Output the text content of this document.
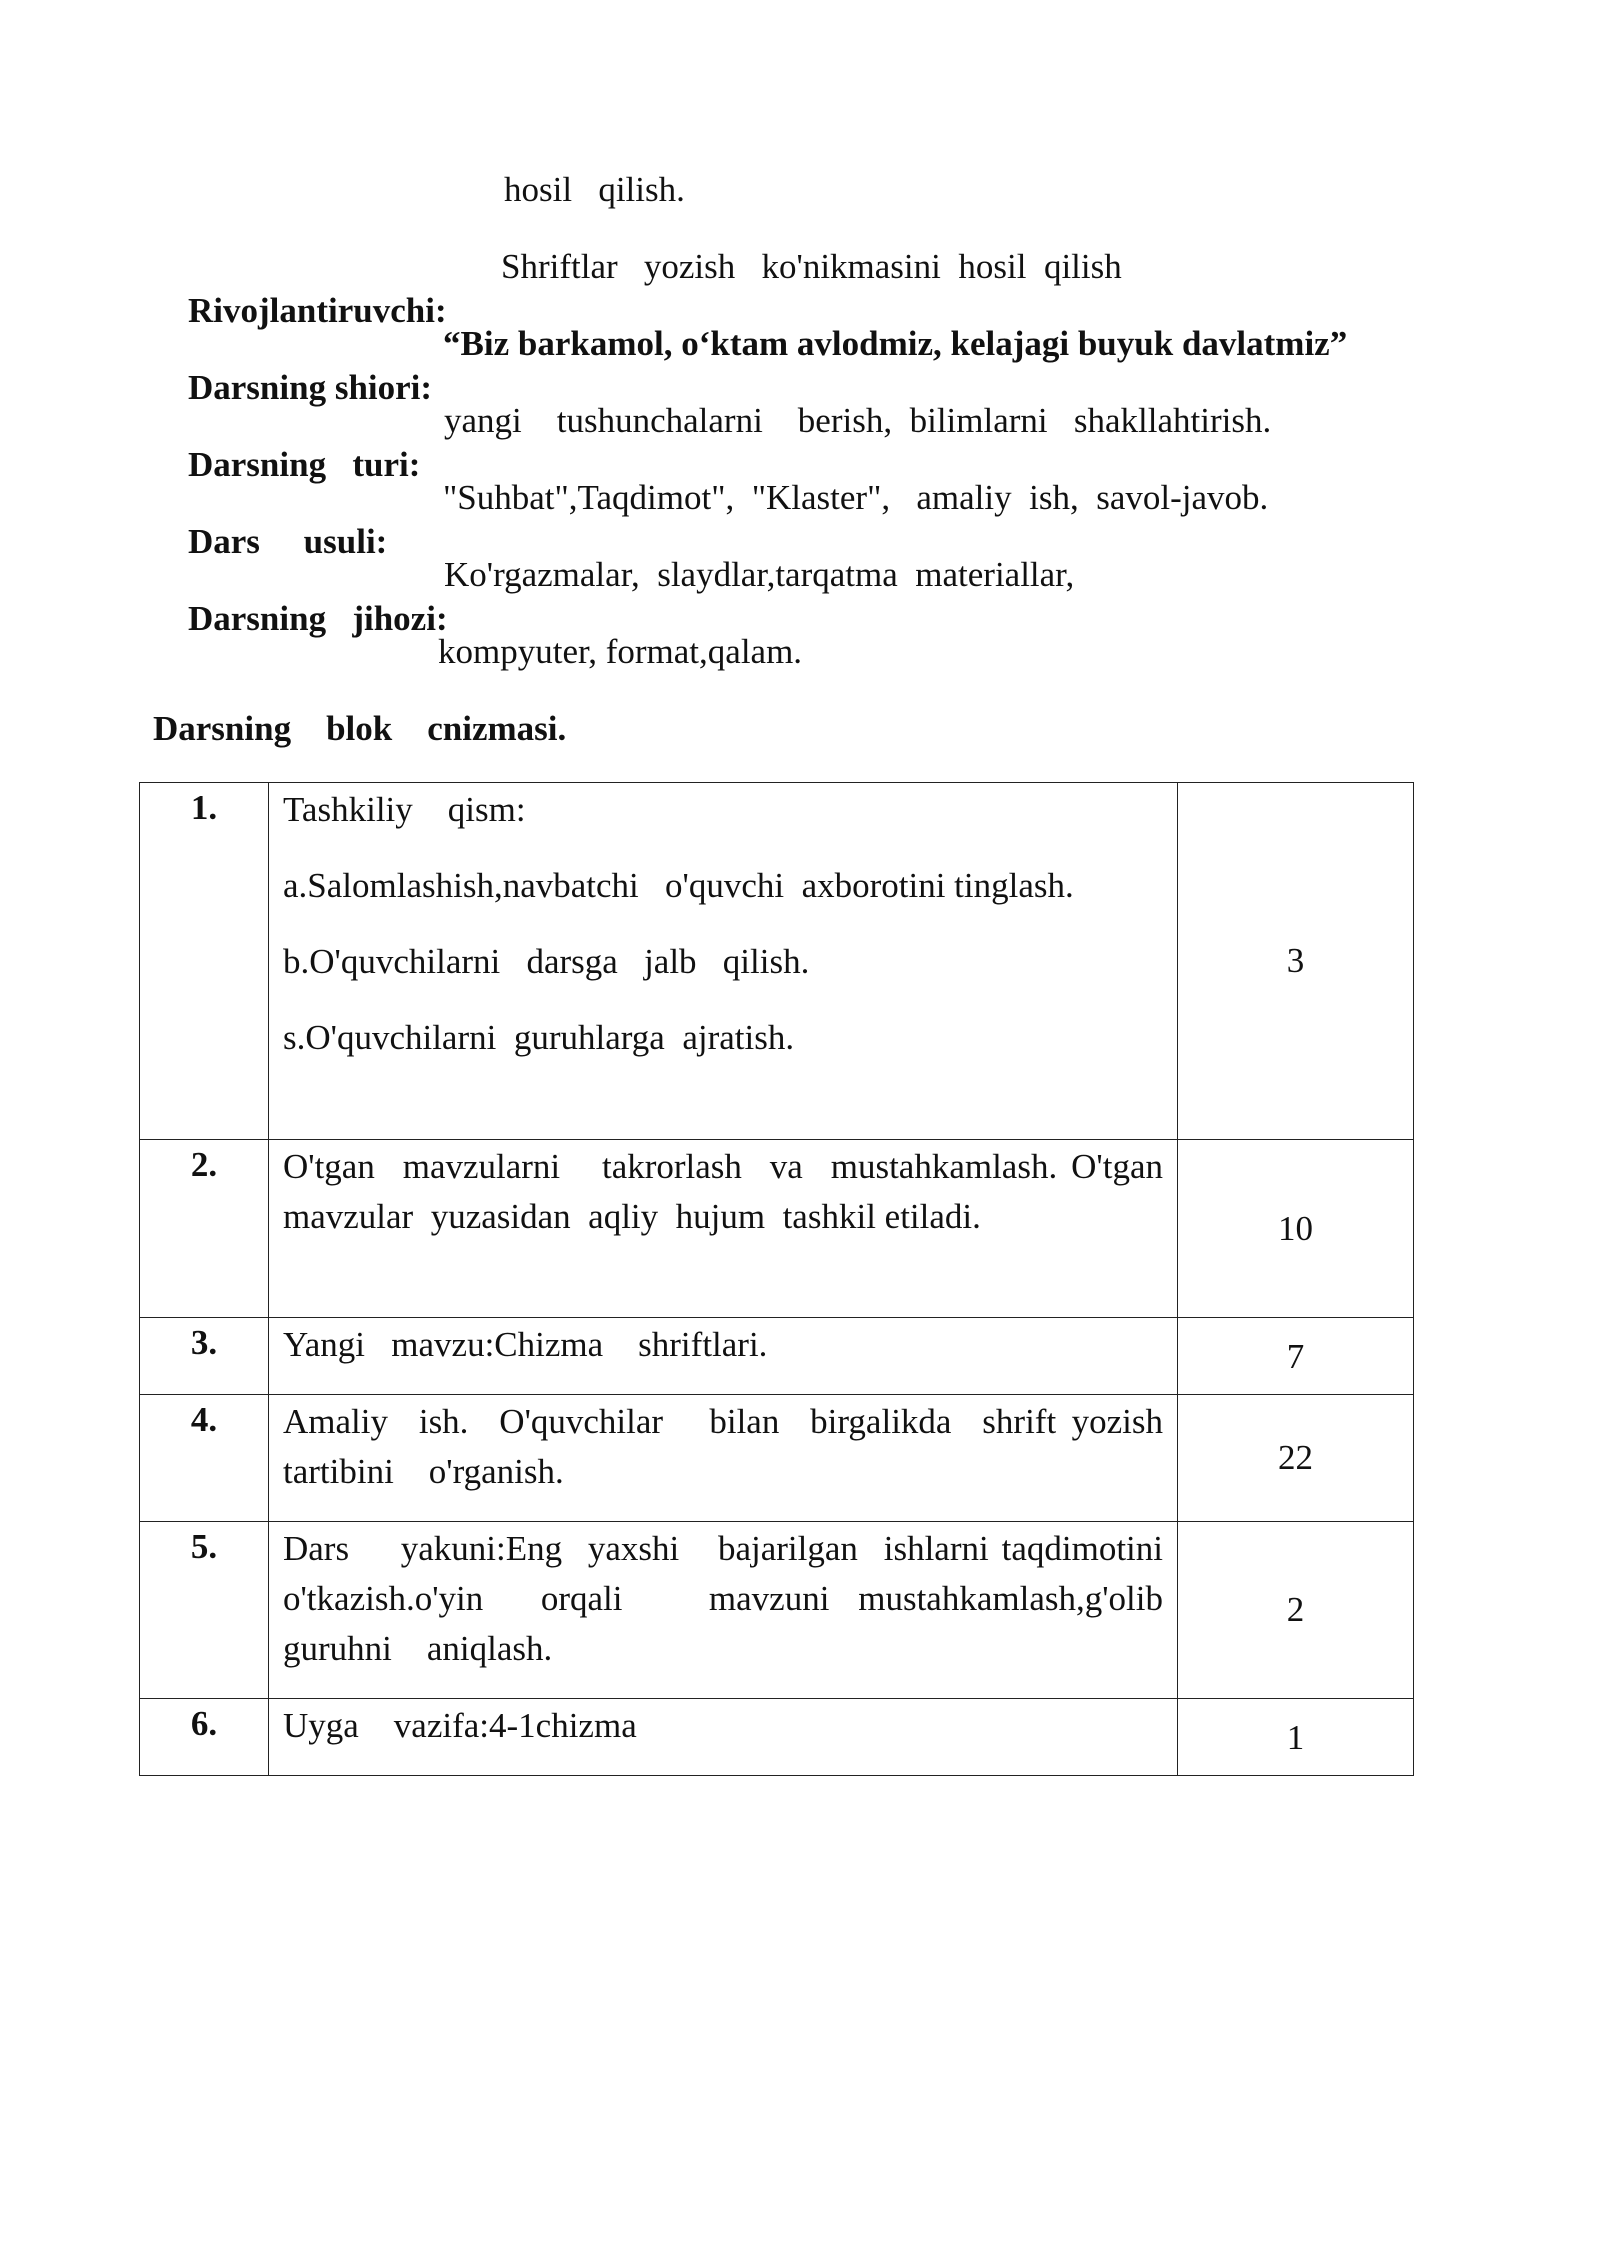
hosil   qilish.

Rivojlantiruvchi:

Shriftlar   yozish   ko'nikmasini  hosil  qilish

Darsning shiori:

“Biz barkamol, o‘ktam avlodmiz, kelajagi buyuk davlatmiz”

Darsning   turi:

yangi    tushunchalarni    berish,  bilimlarni   shakllahtirish.

Dars     usuli:

"Suhbat",Taqdimot",  "Klaster",   amaliy  ish,  savol-javob.

Darsning   jihozi:

Ko'rgazmalar,  slaydlar,tarqatma  materiallar,

kompyuter, format,qalam.
Darsning    blok    cnizmasi.
1.	Tashkiliy    qism:

a.Salomlashish,navbatchi   o'quvchi  axborotini tinglash.

b.O'quvchilarni   darsga   jalb   qilish.

s.O'quvchilarni  guruhlarga  ajratish.	3
2.	O'tgan  mavzularni   takrorlash  va  mustahkamlash. O'tgan  mavzular  yuzasidan  aqliy  hujum  tashkil etiladi.	10
3.	Yangi   mavzu:Chizma    shriftlari.	7
4.	Amaliy  ish.  O'quvchilar   bilan  birgalikda  shrift yozish  tartibini    o'rganish.	22
5.	Dars    yakuni:Eng  yaxshi   bajarilgan  ishlarni taqdimotini  o'tkazish.o'yin  orqali   mavzuni mustahkamlash,g'olib  guruhni    aniqlash.	2
6.	Uyga    vazifa:4-1chizma	1
